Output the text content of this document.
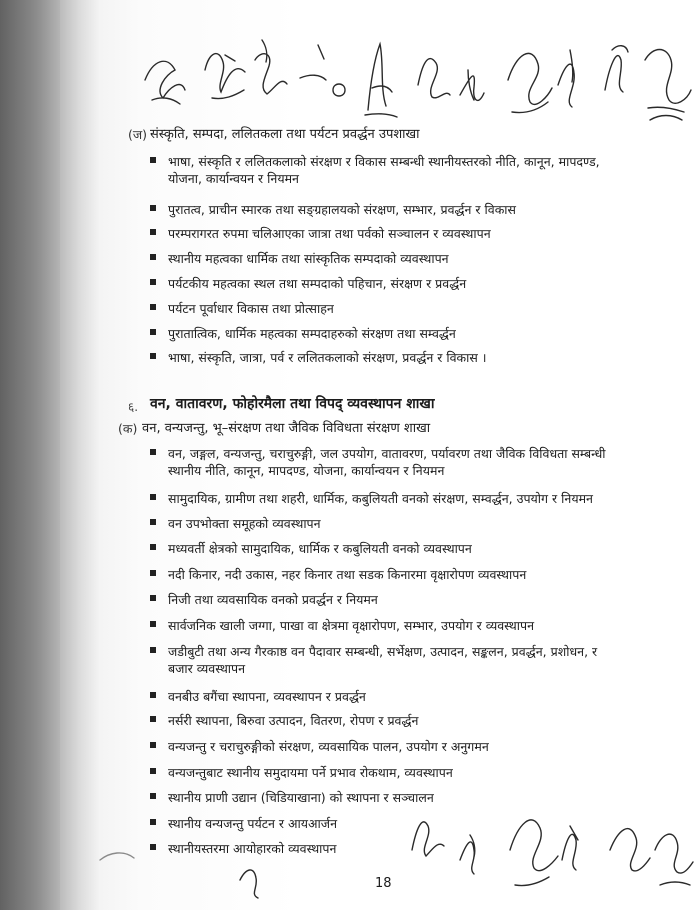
(ज) संस्कृति, सम्पदा, ललितकला तथा पर्यटन प्रवर्द्धन उपशाखा
भाषा, संस्कृति र ललितकलाको संरक्षण र विकास सम्बन्धी स्थानीयस्तरको नीति, कानून, मापदण्ड,
योजना, कार्यान्वयन र नियमन
पुरातत्व, प्राचीन स्मारक तथा सङ्ग्रहालयको संरक्षण, सम्भार, प्रवर्द्धन र विकास
परम्परागरत रुपमा चलिआएका जात्रा तथा पर्वको सञ्चालन र व्यवस्थापन
स्थानीय महत्वका धार्मिक तथा सांस्कृतिक सम्पदाको व्यवस्थापन
पर्यटकीय महत्वका स्थल तथा सम्पदाको पहिचान, संरक्षण र प्रवर्द्धन
पर्यटन पूर्वाधार विकास तथा प्रोत्साहन
पुरातात्विक, धार्मिक महत्वका सम्पदाहरुको संरक्षण तथा सम्वर्द्धन
भाषा, संस्कृति, जात्रा, पर्व र ललितकलाको संरक्षण, प्रवर्द्धन र विकास ।
६. वन, वातावरण, फोहोरमैला तथा विपद् व्यवस्थापन शाखा
(क) वन, वन्यजन्तु, भू–संरक्षण तथा जैविक विविधता संरक्षण शाखा
वन, जङ्गल, वन्यजन्तु, चराचुरुङ्गी, जल उपयोग, वातावरण, पर्यावरण तथा जैविक विविधता सम्बन्धी
स्थानीय नीति, कानून, मापदण्ड, योजना, कार्यान्वयन र नियमन
सामुदायिक, ग्रामीण तथा शहरी, धार्मिक, कबुलियती वनको संरक्षण, सम्वर्द्धन, उपयोग र नियमन
वन उपभोक्ता समूहको व्यवस्थापन
मध्यवर्ती क्षेत्रको सामुदायिक, धार्मिक र कबुलियती वनको व्यवस्थापन
नदी किनार, नदी उकास, नहर किनार तथा सडक किनारमा वृक्षारोपण व्यवस्थापन
निजी तथा व्यवसायिक वनको प्रवर्द्धन र नियमन
सार्वजनिक खाली जग्गा, पाखा वा क्षेत्रमा वृक्षारोपण, सम्भार, उपयोग र व्यवस्थापन
जडीबुटी तथा अन्य गैरकाष्ठ वन पैदावार सम्बन्धी, सर्भेक्षण, उत्पादन, सङ्कलन, प्रवर्द्धन, प्रशोधन, र
बजार व्यवस्थापन
वनबीउ बगैंचा स्थापना, व्यवस्थापन र प्रवर्द्धन
नर्सरी स्थापना, बिरुवा उत्पादन, वितरण, रोपण र प्रवर्द्धन
वन्यजन्तु र चराचुरुङ्गीको संरक्षण, व्यवसायिक पालन, उपयोग र अनुगमन
वन्यजन्तुबाट स्थानीय समुदायमा पर्ने प्रभाव रोकथाम, व्यवस्थापन
स्थानीय प्राणी उद्यान (चिडियाखाना) को स्थापना र सञ्चालन
स्थानीय वन्यजन्तु पर्यटन र आयआर्जन
स्थानीयस्तरमा आयोहारको व्यवस्थापन
18
